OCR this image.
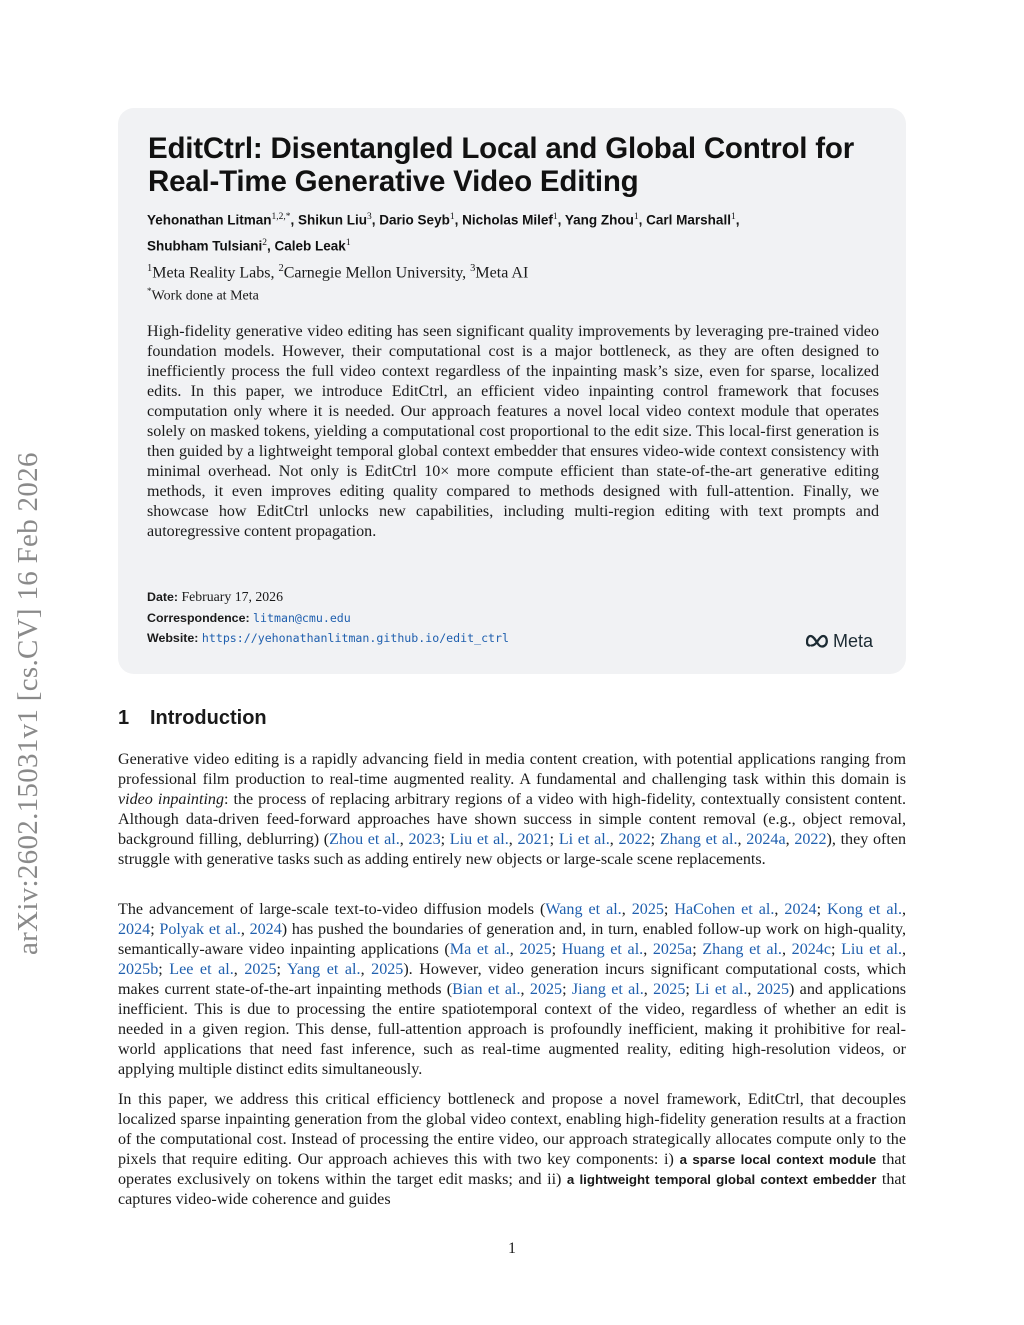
arXiv:2602.15031v1 [cs.CV] 16 Feb 2026
EditCtrl: Disentangled Local and Global Control for Real-Time Generative Video Editing

Yehonathan Litman$^{1,2,*}$, Shikun Liu$^3$, Dario Seyb$^1$, Nicholas Milef$^1$, Yang Zhou$^1$, Carl Marshall$^1$,
Shubham Tulsiani$^2$, Caleb Leak$^1$

$^1$Meta Reality Labs, $^2$Carnegie Mellon University, $^3$Meta AI

*Work done at Meta

High-fidelity generative video editing has seen significant quality improvements by leveraging pre-trained video foundation models. However, their computational cost is a major bottleneck, as they are often designed to inefficiently process the full video context regardless of the inpainting mask’s size, even for sparse, localized edits. In this paper, we introduce EditCtrl, an efficient video inpainting control framework that focuses computation only where it is needed. Our approach features a novel local video context module that operates solely on masked tokens, yielding a computational cost proportional to the edit size. This local-first generation is then guided by a lightweight temporal global context embedder that ensures video-wide context consistency with minimal overhead. Not only is EditCtrl 10× more compute efficient than state-of-the-art generative editing methods, it even improves editing quality compared to methods designed with full-attention. Finally, we showcase how EditCtrl unlocks new capabilities, including multi-region editing with text prompts and autoregressive content propagation.

Date: February 17, 2026

Correspondence: litman@cmu.edu

Website: https://yehonathanlitman.github.io/edit_ctrl	Meta
1 Introduction

Generative video editing is a rapidly advancing field in media content creation, with potential applications ranging from professional film production to real-time augmented reality. A fundamental and challenging task within this domain is video inpainting: the process of replacing arbitrary regions of a video with high-fidelity, contextually consistent content. Although data-driven feed-forward approaches have shown success in simple content removal (e.g., object removal, background filling, deblurring) (Zhou et al., 2023; Liu et al., 2021; Li et al., 2022; Zhang et al., 2024a, 2022), they often struggle with generative tasks such as adding entirely new objects or large-scale scene replacements.

The advancement of large-scale text-to-video diffusion models (Wang et al., 2025; HaCohen et al., 2024; Kong et al., 2024; Polyak et al., 2024) has pushed the boundaries of generation and, in turn, enabled follow-up work on high-quality, semantically-aware video inpainting applications (Ma et al., 2025; Huang et al., 2025a; Zhang et al., 2024c; Liu et al., 2025b; Lee et al., 2025; Yang et al., 2025). However, video generation incurs significant computational costs, which makes current state-of-the-art inpainting methods (Bian et al., 2025; Jiang et al., 2025; Li et al., 2025) and applications inefficient. This is due to processing the entire spatiotemporal context of the video, regardless of whether an edit is needed in a given region. This dense, full-attention approach is profoundly inefficient, making it prohibitive for real-world applications that need fast inference, such as real-time augmented reality, editing high-resolution videos, or applying multiple distinct edits simultaneously.

In this paper, we address this critical efficiency bottleneck and propose a novel framework, EditCtrl, that decouples localized sparse inpainting generation from the global video context, enabling high-fidelity generation results at a fraction of the computational cost. Instead of processing the entire video, our approach strategically allocates compute only to the pixels that require editing. Our approach achieves this with two key components: i) a sparse local context module that operates exclusively on tokens within the target edit masks; and ii) a lightweight temporal global context embedder that captures video-wide coherence and guides

1
